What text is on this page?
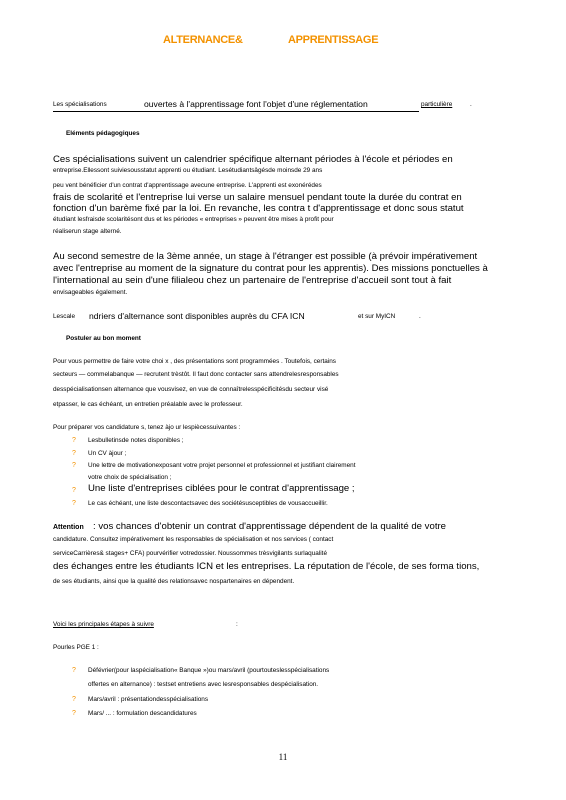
ALTERNANCE&	APPRENTISSAGE
Les spécialisations	ouvertes à l'apprentissage font l'objet d'une réglementation	particulière	.
Eléments pédagogiques
Ces spécialisations suivent un calendrier spécifique alternant périodes à l'école et périodes en
entreprise.Ellessont suiviesousstatut apprenti ou étudiant. Lesétudiantsâgésde moinsde 29 ans
peu vent bénéficier d'un contrat d'apprentissage avecune entreprise. L'apprenti est exonérédes
frais de scolarité et l'entreprise lui verse un salaire mensuel pendant toute la durée du contrat en
fonction d'un barème fixé par la loi. En revanche, les contra t d'apprentissage et donc sous statut
étudiant lesfraisde scolaritésont dus et les périodes « entreprises » peuvent être mises à profit pour
réaliserun stage alterné.
Au second semestre de la 3ème année, un stage à l'étranger est possible (à prévoir impérativement
avec l'entreprise au moment de la signature du contrat pour les apprentis). Des missions ponctuelles à
l'international au sein d'une filialeou chez un partenaire de l'entreprise d'accueil sont tout à fait
envisageables également.
Lescale ndriers d'alternance sont disponibles auprès du CFA ICN	et sur MyICN	.
Postuler au bon moment
Pour vous permettre de faire votre choi x , des présentations sont programmées . Toutefois, certains
secteurs — commelabanque — recrutent trèstôt. Il faut donc contacter sans attendrelesresponsables
desspécialisationsen alternance que vousvisez, en vue de connaîtrelesspécificitésdu secteur visé
etpasser, le cas échéant, un entretien préalable avec le professeur.
Pour préparer vos candidature s, tenez àjo ur lespiècessuivantes :
? Lesbulletinsde notes disponibles ;
? Un CV àjour ;
? Une lettre de motivationexposant votre projet personnel et professionnel et justifiant clairement
votre choix de spécialisation ;
? Une liste d'entreprises ciblées pour le contrat d'apprentissage ;
? Le cas échéant, une liste descontactsavec des sociétésusceptibles de vousaccueillir.
Attention : vos chances d'obtenir un contrat d'apprentissage dépendent de la qualité de votre
candidature. Consultez impérativement les responsables de spécialisation et nos services ( contact
serviceCarrières& stages+ CFA) pourvérifier votredossier. Noussommes trèsvigilants surlaqualité
des échanges entre les étudiants ICN et les entreprises. La réputation de l'école, de ses forma tions,
de ses étudiants, ainsi que la qualité des relationsavec nospartenaires en dépendent.
Voici les principales étapes à suivre	:
Pourles PGE 1 :
? Défévrier(pour laspécialisation« Banque »)ou mars/avril (pourtouteslesspécialisations
offertes en alternance) : testset entretiens avec lesresponsables despécialisation.
? Mars/avril : présentationdesspécialisations
? Mars/ ... : formulation descandidatures
11
